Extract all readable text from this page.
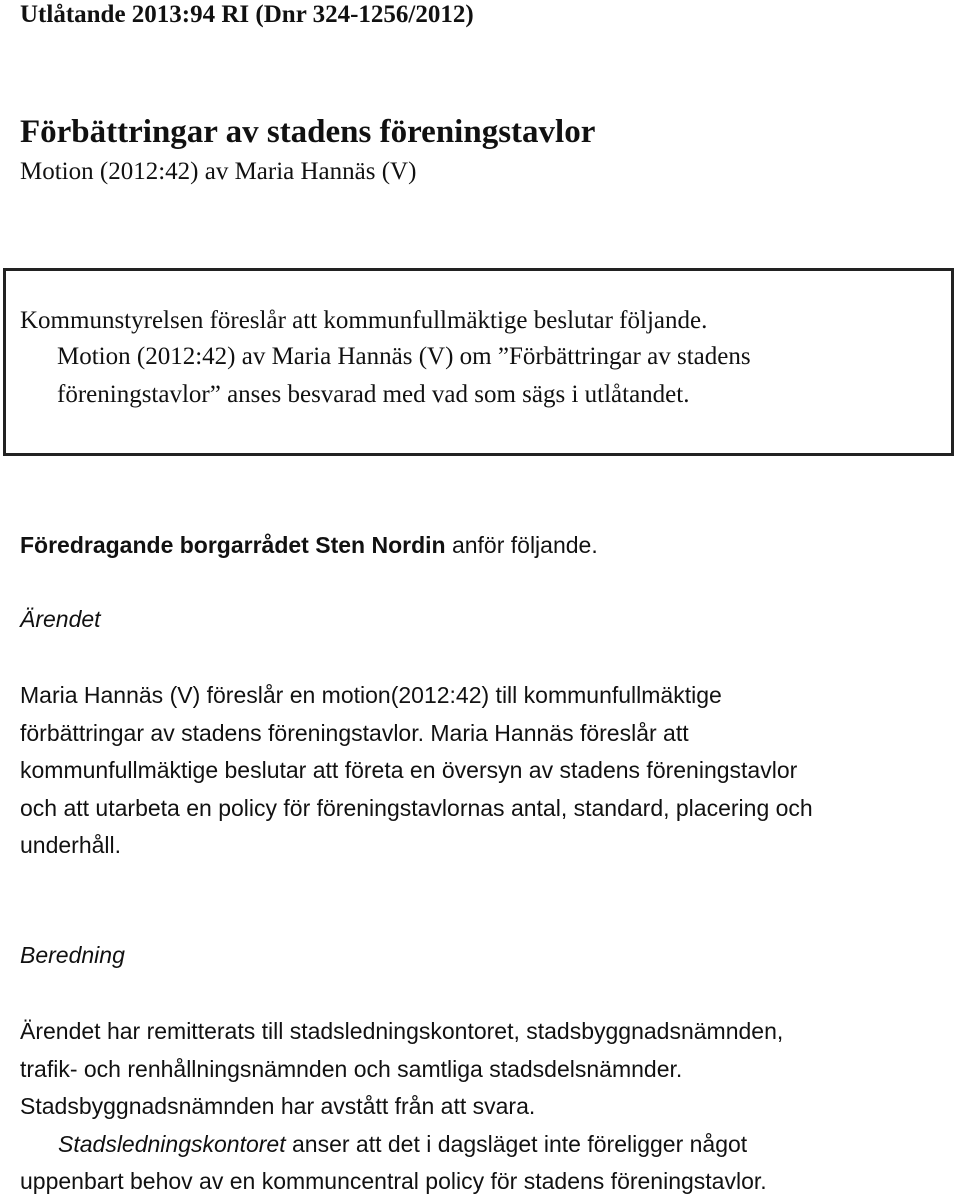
Utlåtande 2013:94 RI (Dnr 324-1256/2012)
Förbättringar av stadens föreningstavlor
Motion (2012:42) av Maria Hannäs (V)
Kommunstyrelsen föreslår att kommunfullmäktige beslutar följande.
Motion (2012:42) av Maria Hannäs (V) om ”Förbättringar av stadens
föreningstavlor” anses besvarad med vad som sägs i utlåtandet.
Föredragande borgarrådet Sten Nordin anför följande.
Ärendet
Maria Hannäs (V) föreslår en motion(2012:42) till kommunfullmäktige
förbättringar av stadens föreningstavlor. Maria Hannäs föreslår att
kommunfullmäktige beslutar att företa en översyn av stadens föreningstavlor
och att utarbeta en policy för föreningstavlornas antal, standard, placering och
underhåll.
Beredning
Ärendet har remitterats till stadsledningskontoret, stadsbyggnadsnämnden,
trafik- och renhållningsnämnden och samtliga stadsdelsnämnder.
Stadsbyggnadsnämnden har avstått från att svara.
Stadsledningskontoret anser att det i dagsläget inte föreligger något
uppenbart behov av en kommuncentral policy för stadens föreningstavlor.
